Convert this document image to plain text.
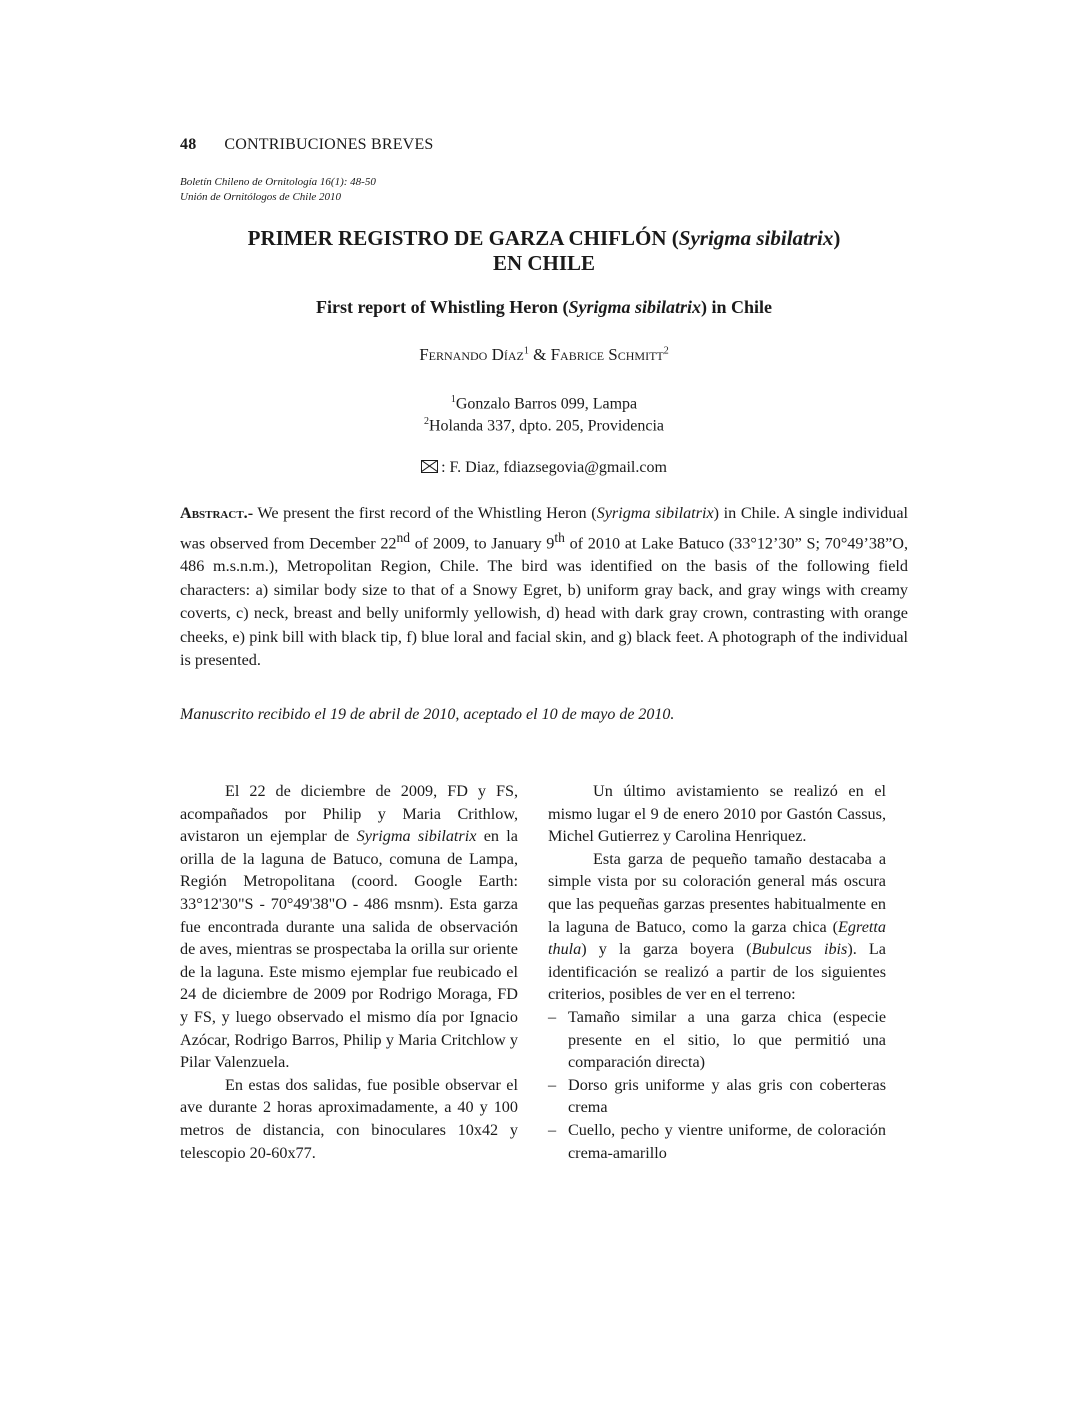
48 CONTRIBUCIONES BREVES
Boletín Chileno de Ornitología 16(1): 48-50
Unión de Ornitólogos de Chile 2010
PRIMER REGISTRO DE GARZA CHIFLÓN (Syrigma sibilatrix)
EN CHILE
First report of Whistling Heron (Syrigma sibilatrix) in Chile
Fernando Díaz$^1$ & Fabrice Schmitt$^2$
$^1$Gonzalo Barros 099, Lampa
$^2$Holanda 337, dpto. 205, Providencia
: F. Diaz, fdiazsegovia@gmail.com
Abstract.- We present the first record of the Whistling Heron (Syrigma sibilatrix) in Chile. A single individual was observed from December 22nd of 2009, to January 9th of 2010 at Lake Batuco (33°12’30” S; 70°49’38”O, 486 m.s.n.m.), Metropolitan Region, Chile. The bird was identified on the basis of the following field characters: a) similar body size to that of a Snowy Egret, b) uniform gray back, and gray wings with creamy coverts, c) neck, breast and belly uniformly yellowish, d) head with dark gray crown, contrasting with orange cheeks, e) pink bill with black tip, f) blue loral and facial skin, and g) black feet. A photograph of the individual is presented.
Manuscrito recibido el 19 de abril de 2010, aceptado el 10 de mayo de 2010.

El 22 de diciembre de 2009, FD y FS, acompañados por Philip y Maria Crithlow, avistaron un ejemplar de Syrigma sibilatrix en la orilla de la laguna de Batuco, comuna de Lampa, Región Metropolitana (coord. Google Earth: 33°12'30"S - 70°49'38"O - 486 msnm). Esta garza fue encontrada durante una salida de observación de aves, mientras se prospectaba la orilla sur oriente de la laguna. Este mismo ejemplar fue reubicado el 24 de diciembre de 2009 por Rodrigo Moraga, FD y FS, y luego observado el mismo día por Ignacio Azócar, Rodrigo Barros, Philip y Maria Critchlow y Pilar Valenzuela.

En estas dos salidas, fue posible observar el ave durante 2 horas aproximadamente, a 40 y 100 metros de distancia, con binoculares 10x42 y telescopio 20-60x77.

Un último avistamiento se realizó en el mismo lugar el 9 de enero 2010 por Gastón Cassus, Michel Gutierrez y Carolina Henriquez.

Esta garza de pequeño tamaño destacaba a simple vista por su coloración general más oscura que las pequeñas garzas presentes habitualmente en la laguna de Batuco, como la garza chica (Egretta thula) y la garza boyera (Bubulcus ibis). La identificación se realizó a partir de los siguientes criterios, posibles de ver en el terreno:

– Tamaño similar a una garza chica (especie presente en el sitio, lo que permitió una comparación directa)
– Dorso gris uniforme y alas gris con coberteras crema
– Cuello, pecho y vientre uniforme, de coloración crema-amarillo
